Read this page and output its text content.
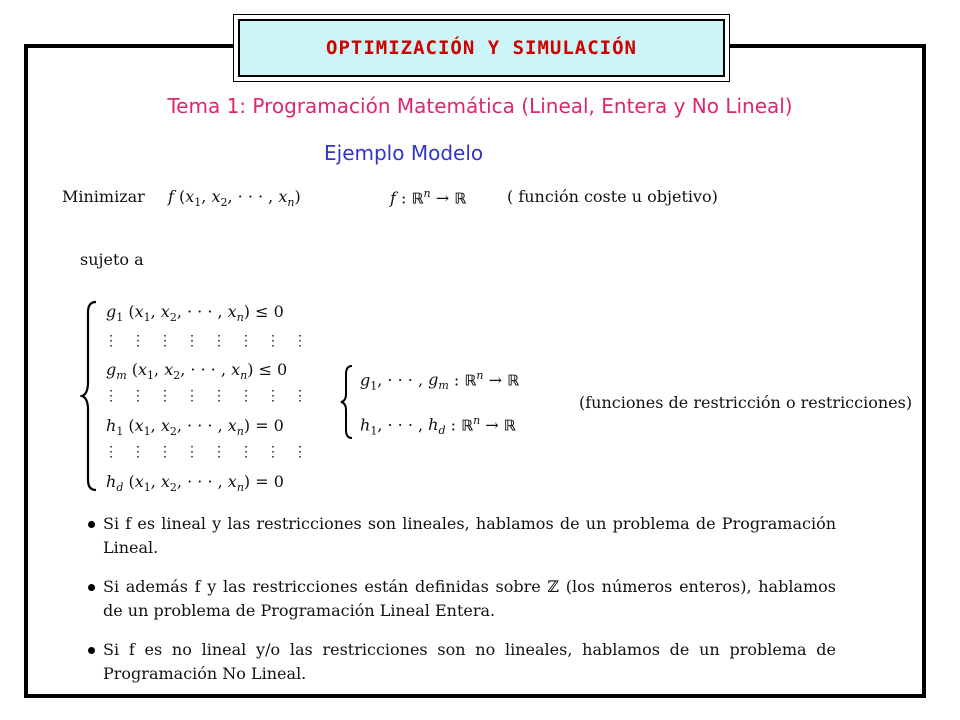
OPTIMIZACIÓN Y SIMULACIÓN
Tema 1: Programación Matemática (Lineal, Entera y No Lineal)
Ejemplo Modelo
Minimizar f ($x_1$, $x_2$, · · · , $x_n$)	f : ℝ$^n$ → ℝ	( función coste u objetivo)
sujeto a
$g_1$ ($x_1$, $x_2$, · · · , $x_n) \le 0$
⋮⋮⋮⋮⋮⋮⋮⋮
$g_m$ ($x_1$, $x_2$, · · · , $x_n) \le 0$
⋮⋮⋮⋮⋮⋮⋮⋮
$h_1$ ($x_1$, $x_2$, · · · , $x_n) = 0$
⋮⋮⋮⋮⋮⋮⋮⋮
$h_d$ ($x_1$, $x_2$, · · · , $x_n) = 0$
$g_1$, · · · , $g_m$ : ℝ$^n$ → ℝ
$h_1$, · · · , $h_d$ : ℝ$^n$ → ℝ
(funciones de restricción o restricciones)
Si f es lineal y las restricciones son lineales, hablamos de un problema de Programación Lineal.
Si además f y las restricciones están definidas sobre ℤ (los números enteros), hablamos de un problema de Programación Lineal Entera.
Si f es no lineal y/o las restricciones son no lineales, hablamos de un problema de Programación No Lineal.
